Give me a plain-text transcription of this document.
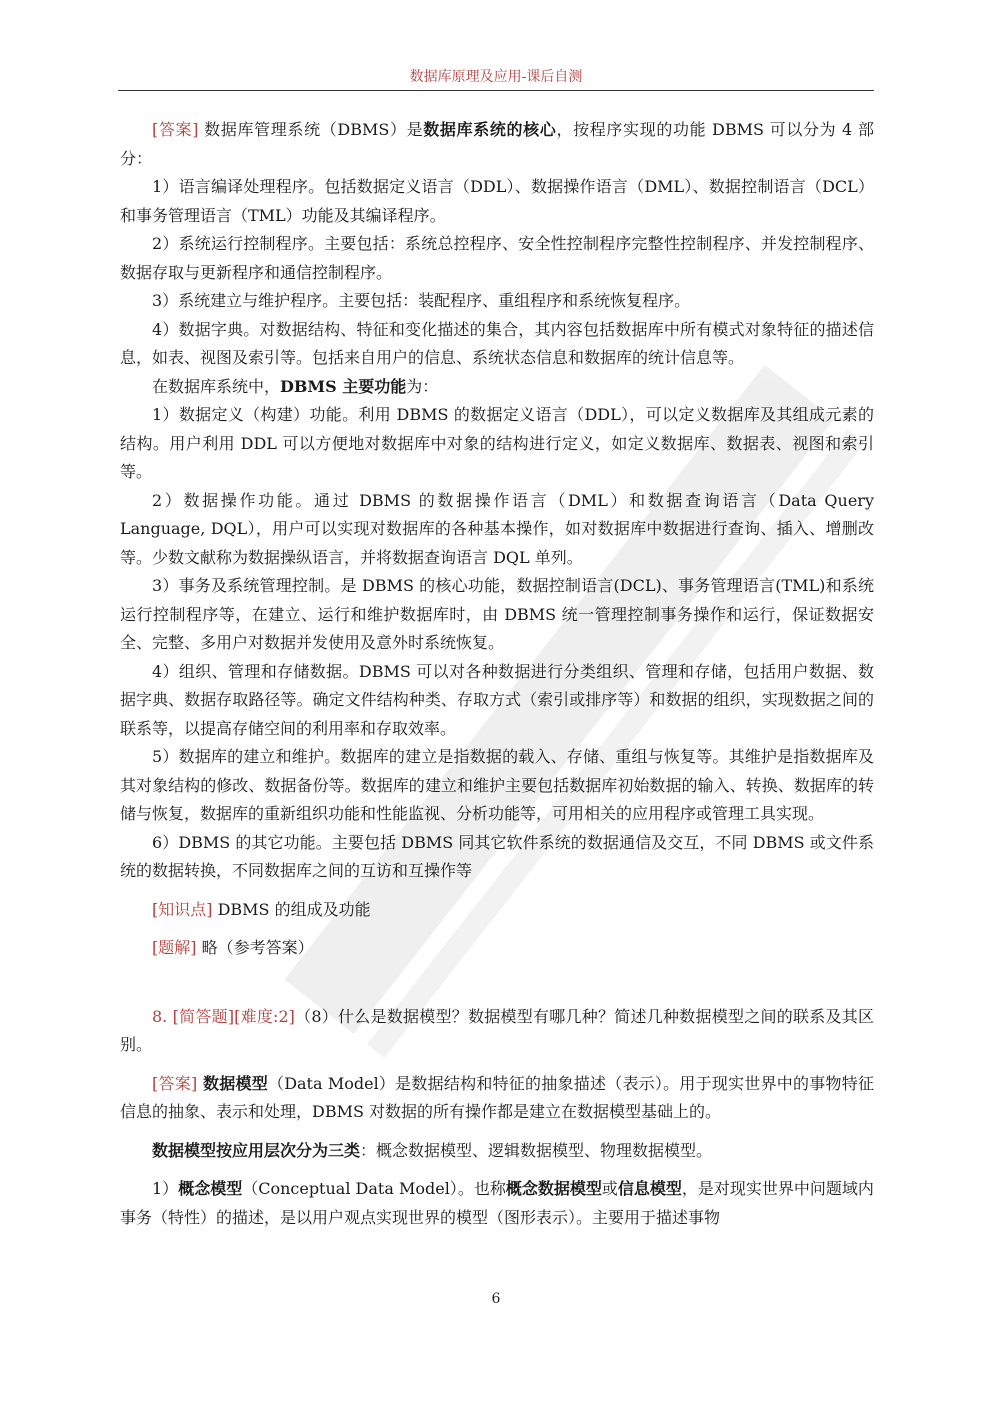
数据库原理及应用-课后自测

[答案] 数据库管理系统（DBMS）是数据库系统的核心，按程序实现的功能 DBMS 可以分为 4 部分：

1）语言编译处理程序。包括数据定义语言（DDL）、数据操作语言（DML）、数据控制语言（DCL）和事务管理语言（TML）功能及其编译程序。

2）系统运行控制程序。主要包括：系统总控程序、安全性控制程序完整性控制程序、并发控制程序、数据存取与更新程序和通信控制程序。

3）系统建立与维护程序。主要包括：装配程序、重组程序和系统恢复程序。

4）数据字典。对数据结构、特征和变化描述的集合，其内容包括数据库中所有模式对象特征的描述信息，如表、视图及索引等。包括来自用户的信息、系统状态信息和数据库的统计信息等。

在数据库系统中，DBMS 主要功能为：

1）数据定义（构建）功能。利用 DBMS 的数据定义语言（DDL），可以定义数据库及其组成元素的结构。用户利用 DDL 可以方便地对数据库中对象的结构进行定义，如定义数据库、数据表、视图和索引等。

2）数据操作功能。通过 DBMS 的数据操作语言（DML）和数据查询语言（Data Query Language, DQL），用户可以实现对数据库的各种基本操作，如对数据库中数据进行查询、插入、增删改等。少数文献称为数据操纵语言，并将数据查询语言 DQL 单列。

3）事务及系统管理控制。是 DBMS 的核心功能，数据控制语言(DCL)、事务管理语言(TML)和系统运行控制程序等，在建立、运行和维护数据库时，由 DBMS 统一管理控制事务操作和运行，保证数据安全、完整、多用户对数据并发使用及意外时系统恢复。

4）组织、管理和存储数据。DBMS 可以对各种数据进行分类组织、管理和存储，包括用户数据、数据字典、数据存取路径等。确定文件结构种类、存取方式（索引或排序等）和数据的组织，实现数据之间的联系等，以提高存储空间的利用率和存取效率。

5）数据库的建立和维护。数据库的建立是指数据的载入、存储、重组与恢复等。其维护是指数据库及其对象结构的修改、数据备份等。数据库的建立和维护主要包括数据库初始数据的输入、转换、数据库的转储与恢复，数据库的重新组织功能和性能监视、分析功能等，可用相关的应用程序或管理工具实现。

6）DBMS 的其它功能。主要包括 DBMS 同其它软件系统的数据通信及交互，不同 DBMS 或文件系统的数据转换，不同数据库之间的互访和互操作等

[知识点] DBMS 的组成及功能

[题解] 略（参考答案）

8. [简答题][难度:2]（8）什么是数据模型？数据模型有哪几种？简述几种数据模型之间的联系及其区别。

[答案] 数据模型（Data Model）是数据结构和特征的抽象描述（表示）。用于现实世界中的事物特征信息的抽象、表示和处理，DBMS 对数据的所有操作都是建立在数据模型基础上的。

数据模型按应用层次分为三类：概念数据模型、逻辑数据模型、物理数据模型。

1）概念模型（Conceptual Data Model）。也称概念数据模型或信息模型，是对现实世界中问题域内事务（特性）的描述，是以用户观点实现世界的模型（图形表示）。主要用于描述事物

6
